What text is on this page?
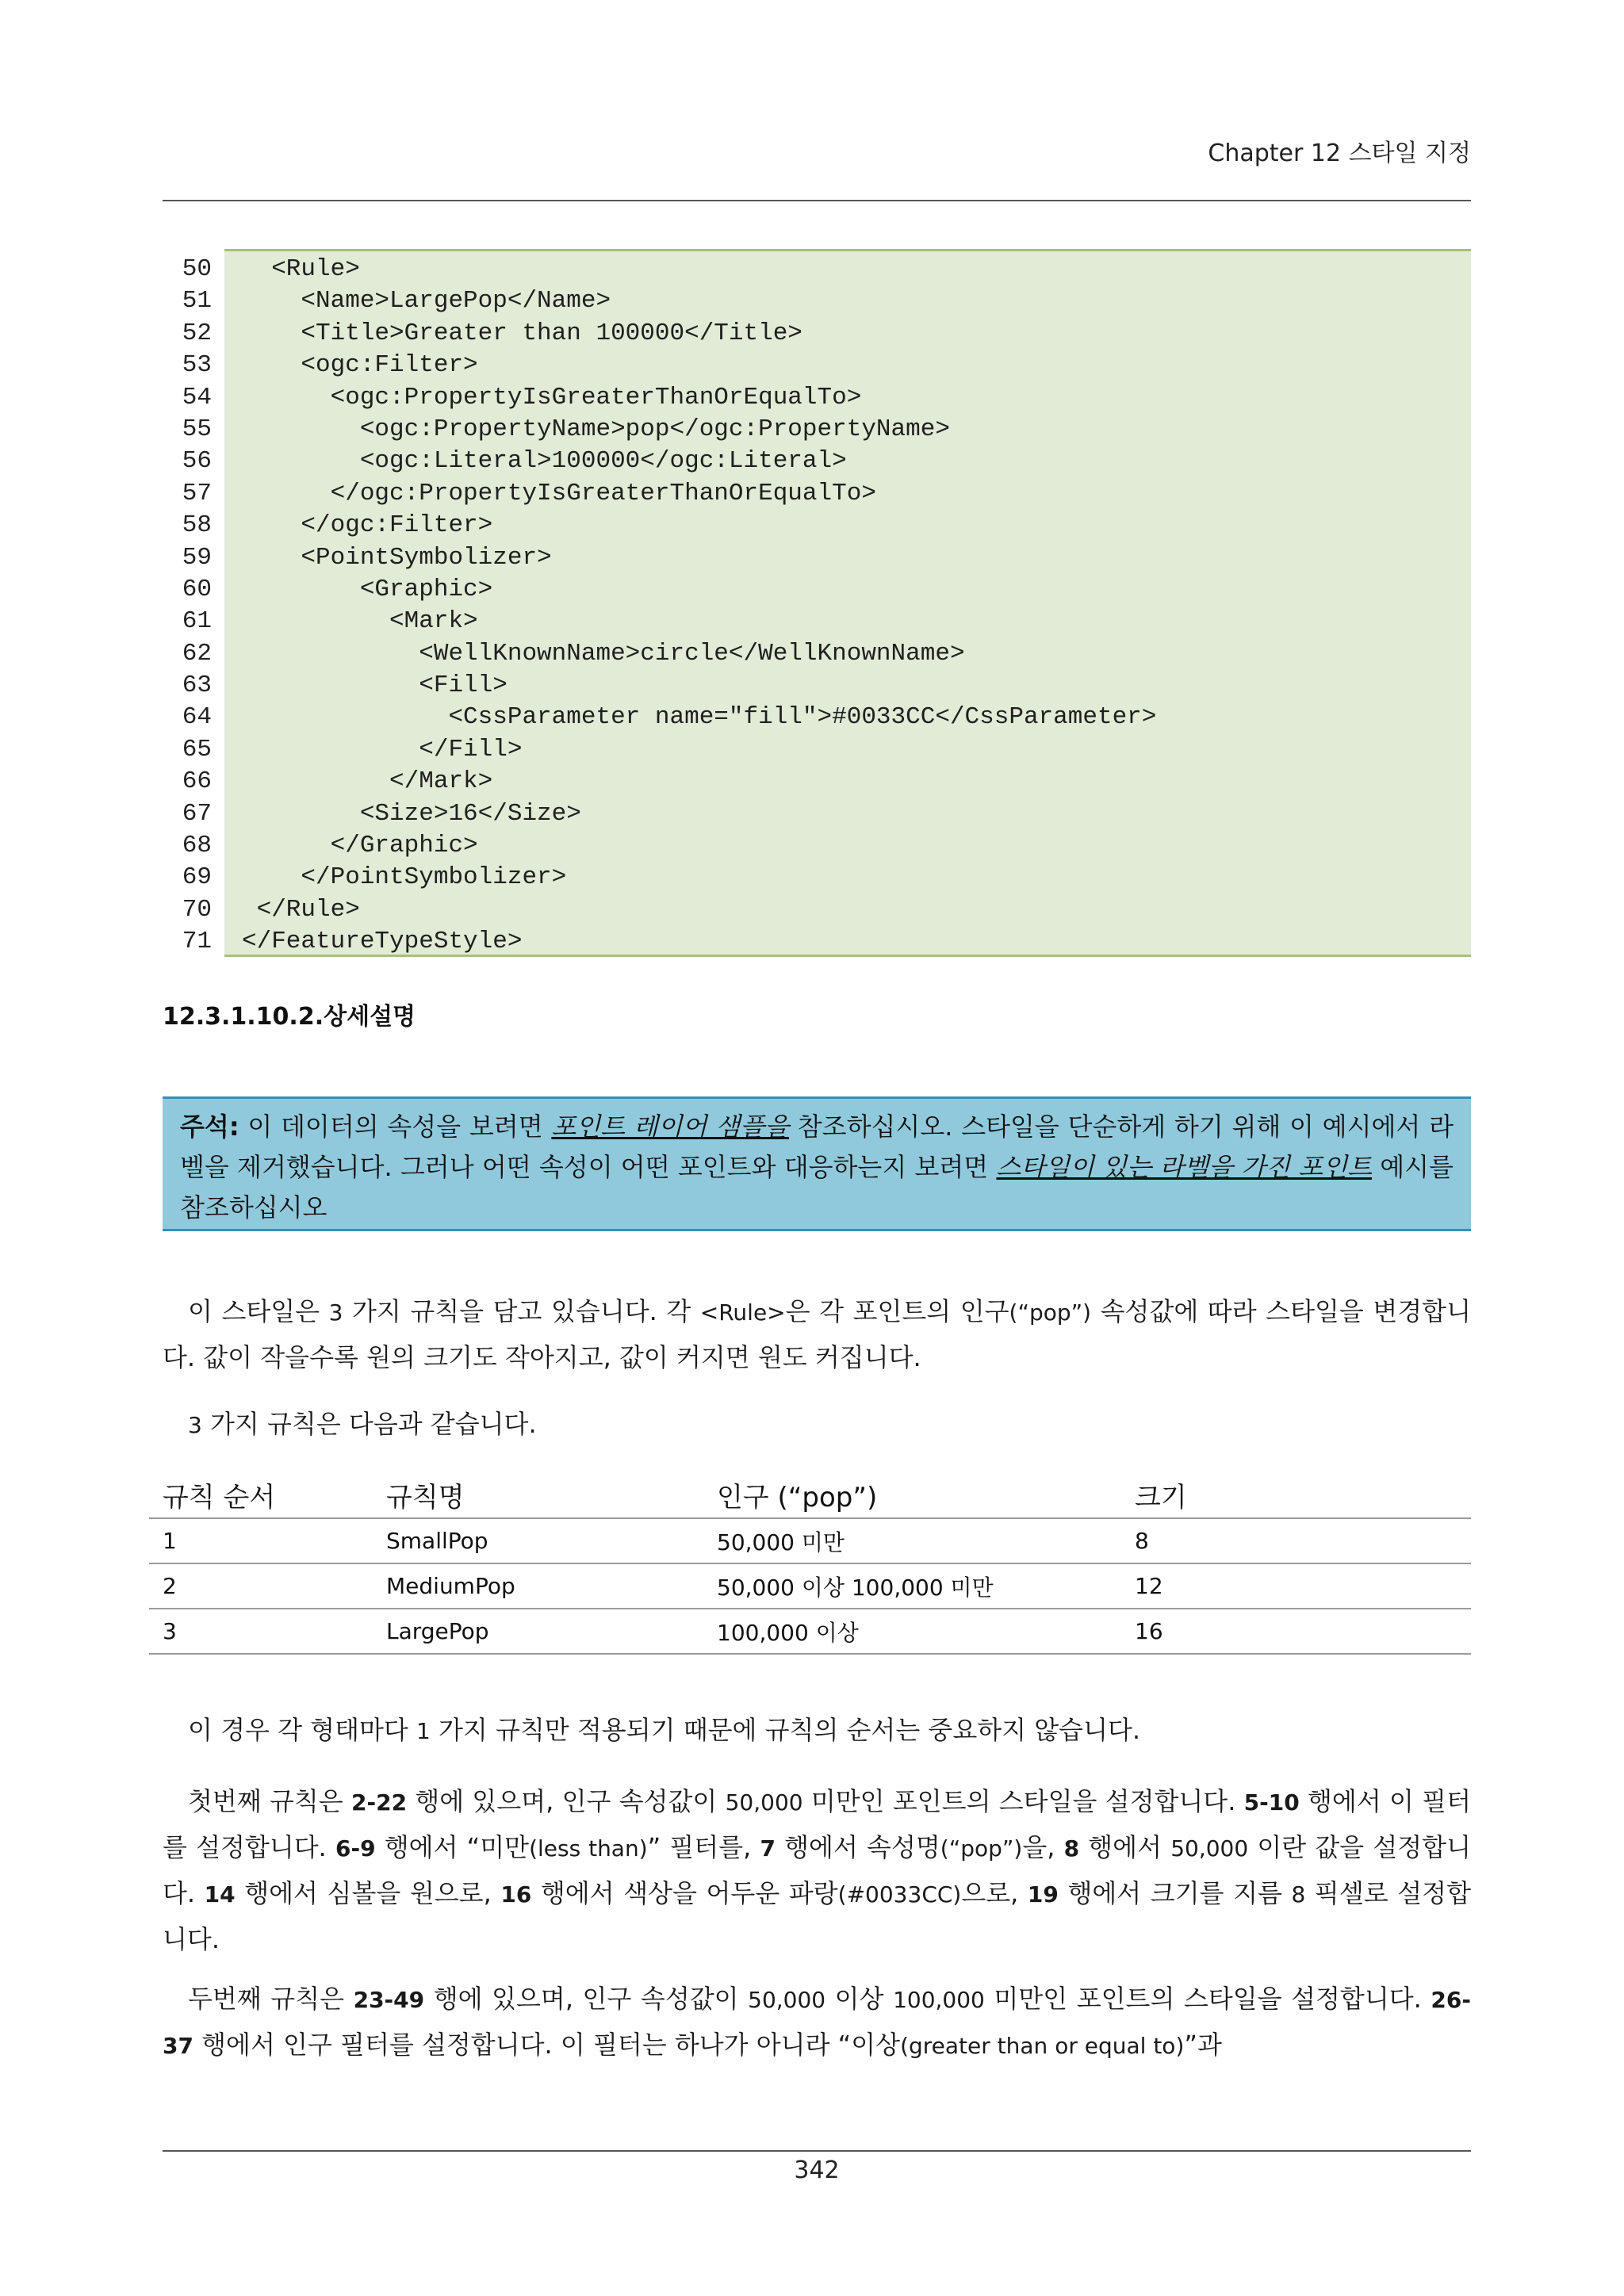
Chapter 12 스타일 지정
50 <Rule>
51 <Name>LargePop</Name>
52 <Title>Greater than 100000</Title>
53 <ogc:Filter>
54 <ogc:PropertyIsGreaterThanOrEqualTo>
55 <ogc:PropertyName>pop</ogc:PropertyName>
56 <ogc:Literal>100000</ogc:Literal>
57 </ogc:PropertyIsGreaterThanOrEqualTo>
58 </ogc:Filter>
59 <PointSymbolizer>
60 <Graphic>
61 <Mark>
62 <WellKnownName>circle</WellKnownName>
63 <Fill>
64 <CssParameter name="fill">#0033CC</CssParameter>
65 </Fill>
66 </Mark>
67 <Size>16</Size>
68 </Graphic>
69 </PointSymbolizer>
70 </Rule>
71 </FeatureTypeStyle>
12.3.1.10.2.상세설명
주석: 이 데이터의 속성을 보려면 포인트 레이어 샘플을 참조하십시오. 스타일을 단순하게 하기 위해 이 예시에서 라벨을 제거했습니다. 그러나 어떤 속성이 어떤 포인트와 대응하는지 보려면 스타일이 있는 라벨을 가진 포인트 예시를 참조하십시오

이 스타일은 3 가지 규칙을 담고 있습니다. 각 <Rule>은 각 포인트의 인구(“pop”) 속성값에 따라 스타일을 변경합니다. 값이 작을수록 원의 크기도 작아지고, 값이 커지면 원도 커집니다.

3 가지 규칙은 다음과 같습니다.

규칙 순서	규칙명	인구 (“pop”)	크기
1	SmallPop	50,000 미만	8
2	MediumPop	50,000 이상 100,000 미만	12
3	LargePop	100,000 이상	16

이 경우 각 형태마다 1 가지 규칙만 적용되기 때문에 규칙의 순서는 중요하지 않습니다.

첫번째 규칙은 2-22 행에 있으며, 인구 속성값이 50,000 미만인 포인트의 스타일을 설정합니다. 5-10 행에서 이 필터를 설정합니다. 6-9 행에서 “미만(less than)” 필터를, 7 행에서 속성명(“pop”)을, 8 행에서 50,000 이란 값을 설정합니다. 14 행에서 심볼을 원으로, 16 행에서 색상을 어두운 파랑(#0033CC)으로, 19 행에서 크기를 지름 8 픽셀로 설정합니다.

두번째 규칙은 23-49 행에 있으며, 인구 속성값이 50,000 이상 100,000 미만인 포인트의 스타일을 설정합니다. 26-37 행에서 인구 필터를 설정합니다. 이 필터는 하나가 아니라 “이상(greater than or equal to)”과

342
